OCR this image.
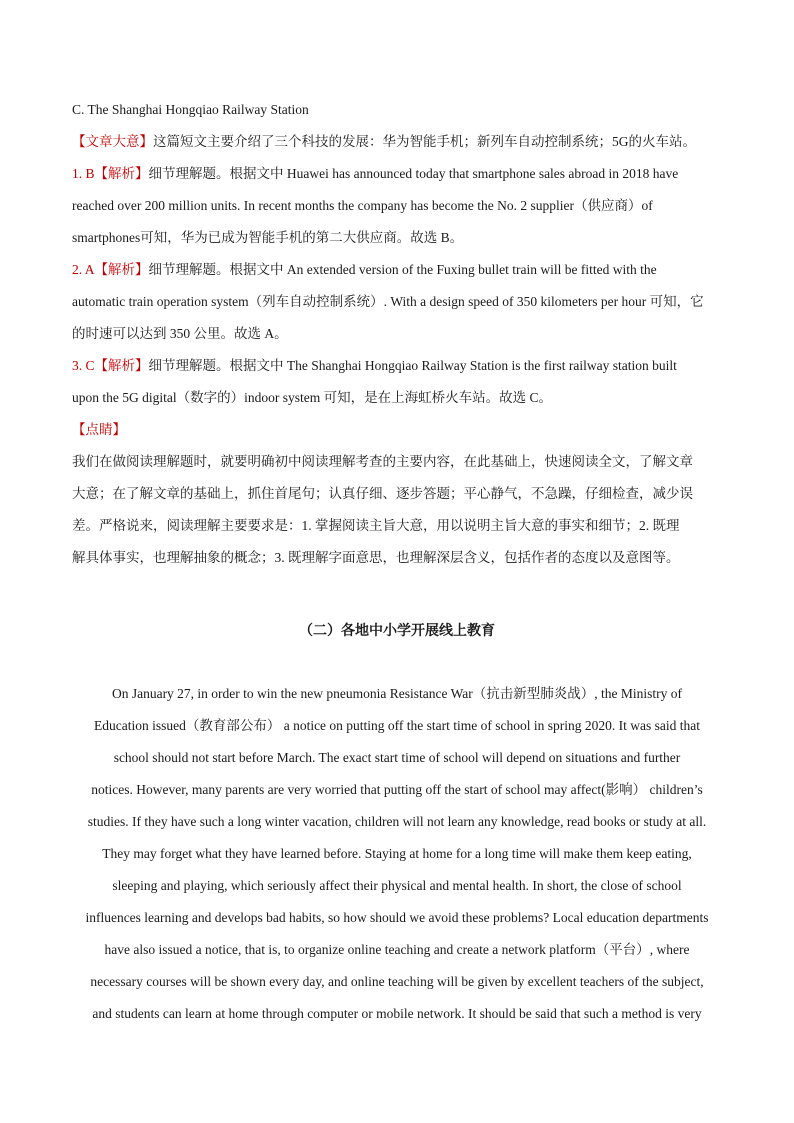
C. The Shanghai Hongqiao Railway Station
【文章大意】这篇短文主要介绍了三个科技的发展：华为智能手机；新列车自动控制系统；5G的火车站。
1. B【解析】细节理解题。根据文中 Huawei has announced today that smartphone sales abroad in 2018 have
reached over 200 million units. In recent months the company has become the No. 2 supplier（供应商）of
smartphones可知，华为已成为智能手机的第二大供应商。故选 B。
2. A【解析】细节理解题。根据文中 An extended version of the Fuxing bullet train will be fitted with the
automatic train operation system（列车自动控制系统）. With a design speed of 350 kilometers per hour 可知，它
的时速可以达到 350 公里。故选 A。
3. C【解析】细节理解题。根据文中 The Shanghai Hongqiao Railway Station is the first railway station built
upon the 5G digital（数字的）indoor system 可知，是在上海虹桥火车站。故选 C。
【点睛】
我们在做阅读理解题时，就要明确初中阅读理解考查的主要内容，在此基础上，快速阅读全文，了解文章
大意；在了解文章的基础上，抓住首尾句；认真仔细、逐步答题；平心静气，不急躁，仔细检查，减少误
差。严格说来，阅读理解主要要求是：1. 掌握阅读主旨大意，用以说明主旨大意的事实和细节；2. 既理
解具体事实，也理解抽象的概念；3. 既理解字面意思，也理解深层含义，包括作者的态度以及意图等。
（二）各地中小学开展线上教育
On January 27, in order to win the new pneumonia Resistance War（抗击新型肺炎战）, the Ministry of
Education issued（教育部公布） a notice on putting off the start time of school in spring 2020. It was said that
school should not start before March. The exact start time of school will depend on situations and further
notices. However, many parents are very worried that putting off the start of school may affect(影响） children’s
studies. If they have such a long winter vacation, children will not learn any knowledge, read books or study at all.
They may forget what they have learned before. Staying at home for a long time will make them keep eating,
sleeping and playing, which seriously affect their physical and mental health. In short, the close of school
influences learning and develops bad habits, so how should we avoid these problems? Local education departments
have also issued a notice, that is, to organize online teaching and create a network platform（平台）, where
necessary courses will be shown every day, and online teaching will be given by excellent teachers of the subject,
and students can learn at home through computer or mobile network. It should be said that such a method is very
